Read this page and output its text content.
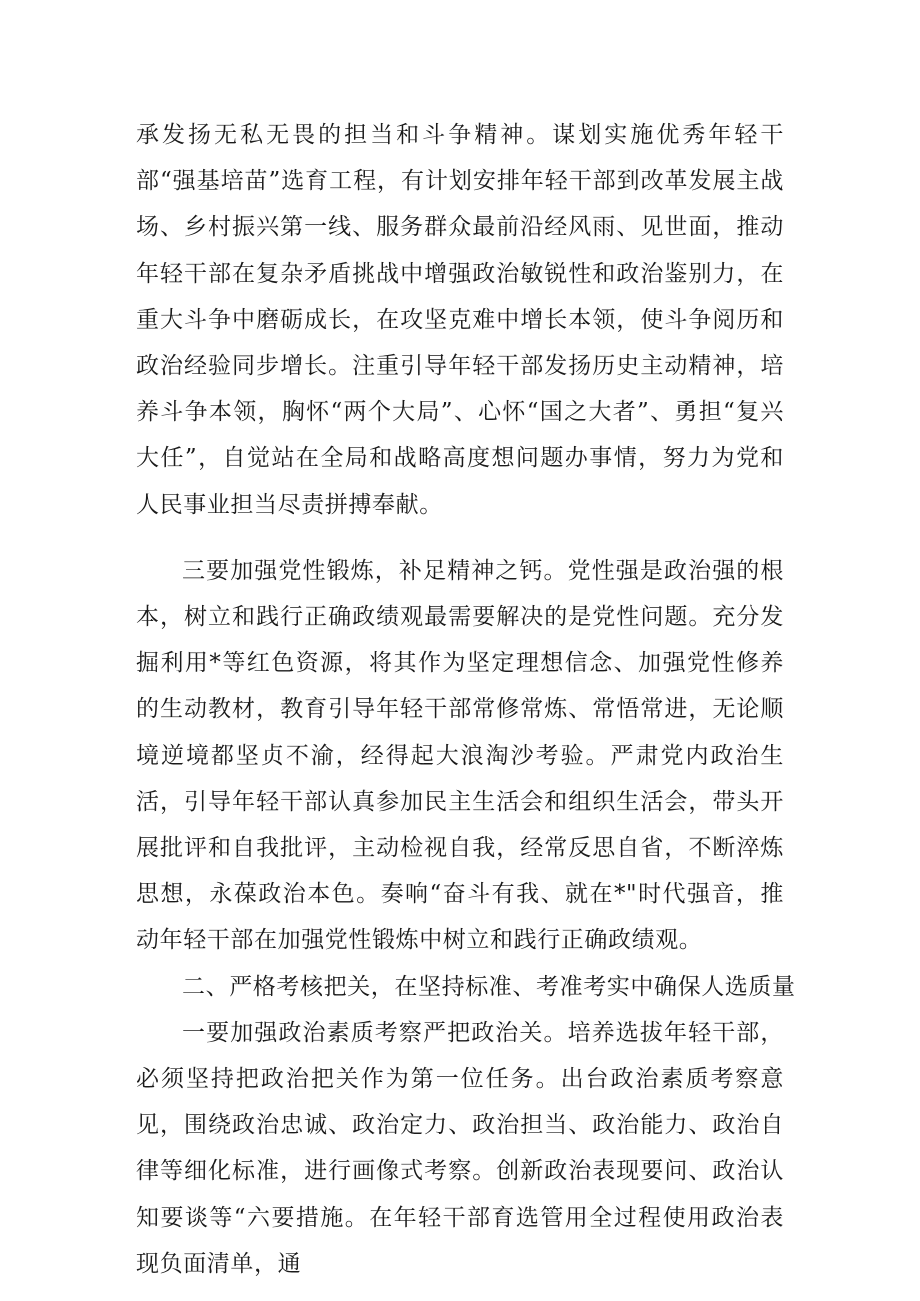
承发扬无私无畏的担当和斗争精神。谋划实施优秀年轻干部“强基培苗”选育工程，有计划安排年轻干部到改革发展主战场、乡村振兴第一线、服务群众最前沿经风雨、见世面，推动年轻干部在复杂矛盾挑战中增强政治敏锐性和政治鉴别力，在重大斗争中磨砺成长，在攻坚克难中增长本领，使斗争阅历和政治经验同步增长。注重引导年轻干部发扬历史主动精神，培养斗争本领，胸怀“两个大局”、心怀“国之大者”、勇担“复兴大任”，自觉站在全局和战略高度想问题办事情，努力为党和人民事业担当尽责拼搏奉献。

三要加强党性锻炼，补足精神之钙。党性强是政治强的根本，树立和践行正确政绩观最需要解决的是党性问题。充分发掘利用*等红色资源，将其作为坚定理想信念、加强党性修养的生动教材，教育引导年轻干部常修常炼、常悟常进，无论顺境逆境都坚贞不渝，经得起大浪淘沙考验。严肃党内政治生活，引导年轻干部认真参加民主生活会和组织生活会，带头开展批评和自我批评，主动检视自我，经常反思自省，不断淬炼思想，永葆政治本色。奏响“奋斗有我、就在*"时代强音，推动年轻干部在加强党性锻炼中树立和践行正确政绩观。

二、严格考核把关，在坚持标准、考准考实中确保人选质量

一要加强政治素质考察严把政治关。培养选拔年轻干部，必须坚持把政治把关作为第一位任务。出台政治素质考察意见，围绕政治忠诚、政治定力、政治担当、政治能力、政治自律等细化标准，进行画像式考察。创新政治表现要问、政治认知要谈等“六要措施。在年轻干部育选管用全过程使用政治表现负面清单，通
